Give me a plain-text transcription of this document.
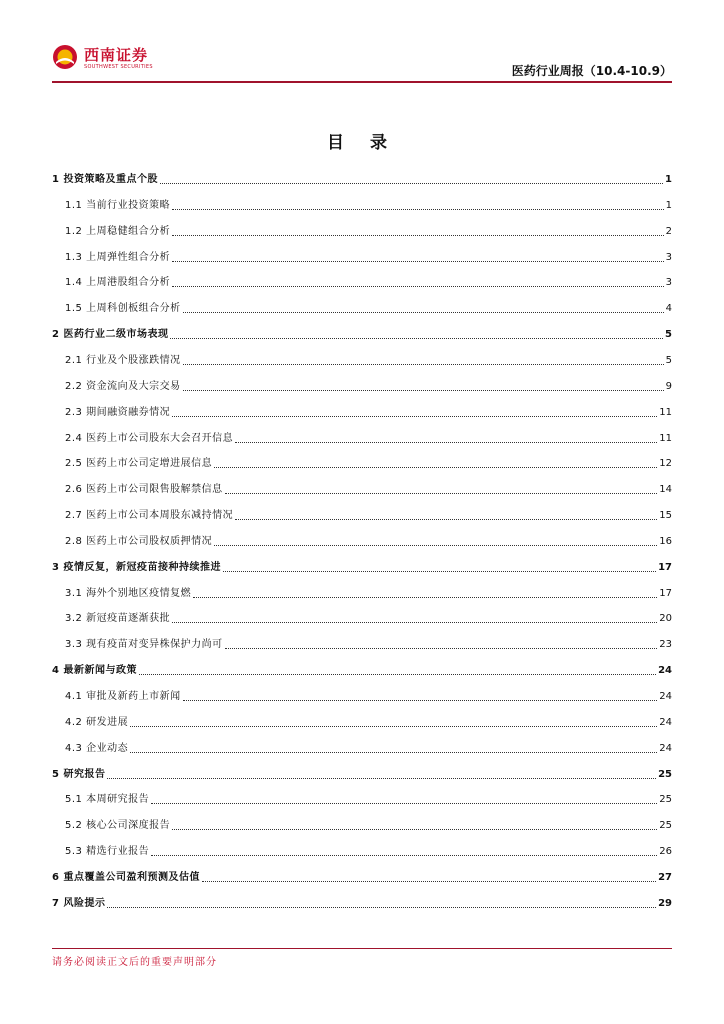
西南证券
SOUTHWEST SECURITIES	医药行业周报（10.4-10.9）
目 录
1 投资策略及重点个股	1
1.1 当前行业投资策略	1
1.2 上周稳健组合分析	2
1.3 上周弹性组合分析	3
1.4 上周港股组合分析	3
1.5 上周科创板组合分析	4
2 医药行业二级市场表现	5
2.1 行业及个股涨跌情况	5
2.2 资金流向及大宗交易	9
2.3 期间融资融券情况	11
2.4 医药上市公司股东大会召开信息	11
2.5 医药上市公司定增进展信息	12
2.6 医药上市公司限售股解禁信息	14
2.7 医药上市公司本周股东减持情况	15
2.8 医药上市公司股权质押情况	16
3 疫情反复，新冠疫苗接种持续推进	17
3.1 海外个别地区疫情复燃	17
3.2 新冠疫苗逐渐获批	20
3.3 现有疫苗对变异株保护力尚可	23
4 最新新闻与政策	24
4.1 审批及新药上市新闻	24
4.2 研发进展	24
4.3 企业动态	24
5 研究报告	25
5.1 本周研究报告	25
5.2 核心公司深度报告	25
5.3 精选行业报告	26
6 重点覆盖公司盈利预测及估值	27
7 风险提示	29
请务必阅读正文后的重要声明部分
